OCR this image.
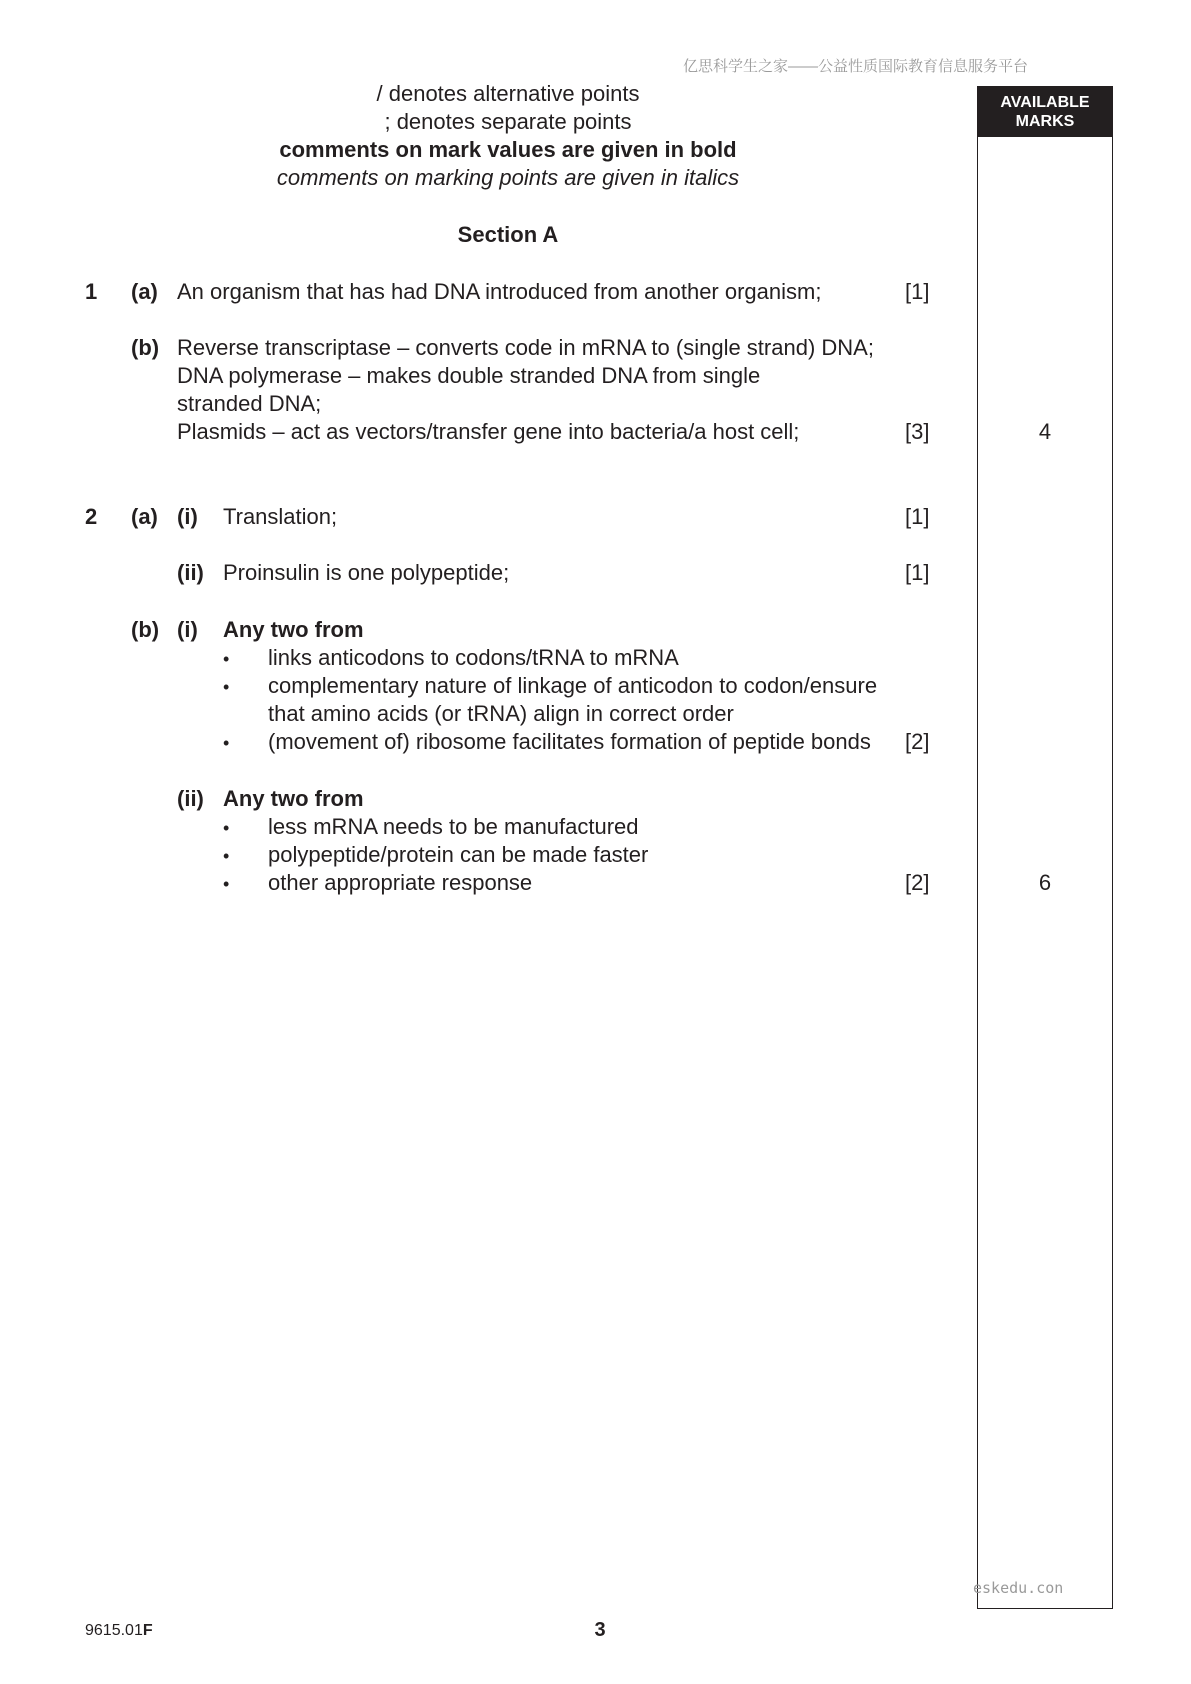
亿思科学生之家——公益性质国际教育信息服务平台
AVAILABLE
MARKS
/ denotes alternative points
; denotes separate points
comments on mark values are given in bold
comments on marking points are given in italics
Section A
1 (a) An organism that has had DNA introduced from another organism;	[1]
(b) Reverse transcriptase – converts code in mRNA to (single strand) DNA;
DNA polymerase – makes double stranded DNA from single
stranded DNA;
Plasmids – act as vectors/transfer gene into bacteria/a host cell;	[3]	4
2 (a) (i) Translation;	[1]
(ii) Proinsulin is one polypeptide;	[1]
(b) (i) Any two from
• links anticodons to codons/tRNA to mRNA
• complementary nature of linkage of anticodon to codon/ensure
that amino acids (or tRNA) align in correct order
• (movement of) ribosome facilitates formation of peptide bonds [2]
(ii) Any two from
• less mRNA needs to be manufactured
• polypeptide/protein can be made faster
• other appropriate response	[2]	6
eskedu.con
9615.01F	3
